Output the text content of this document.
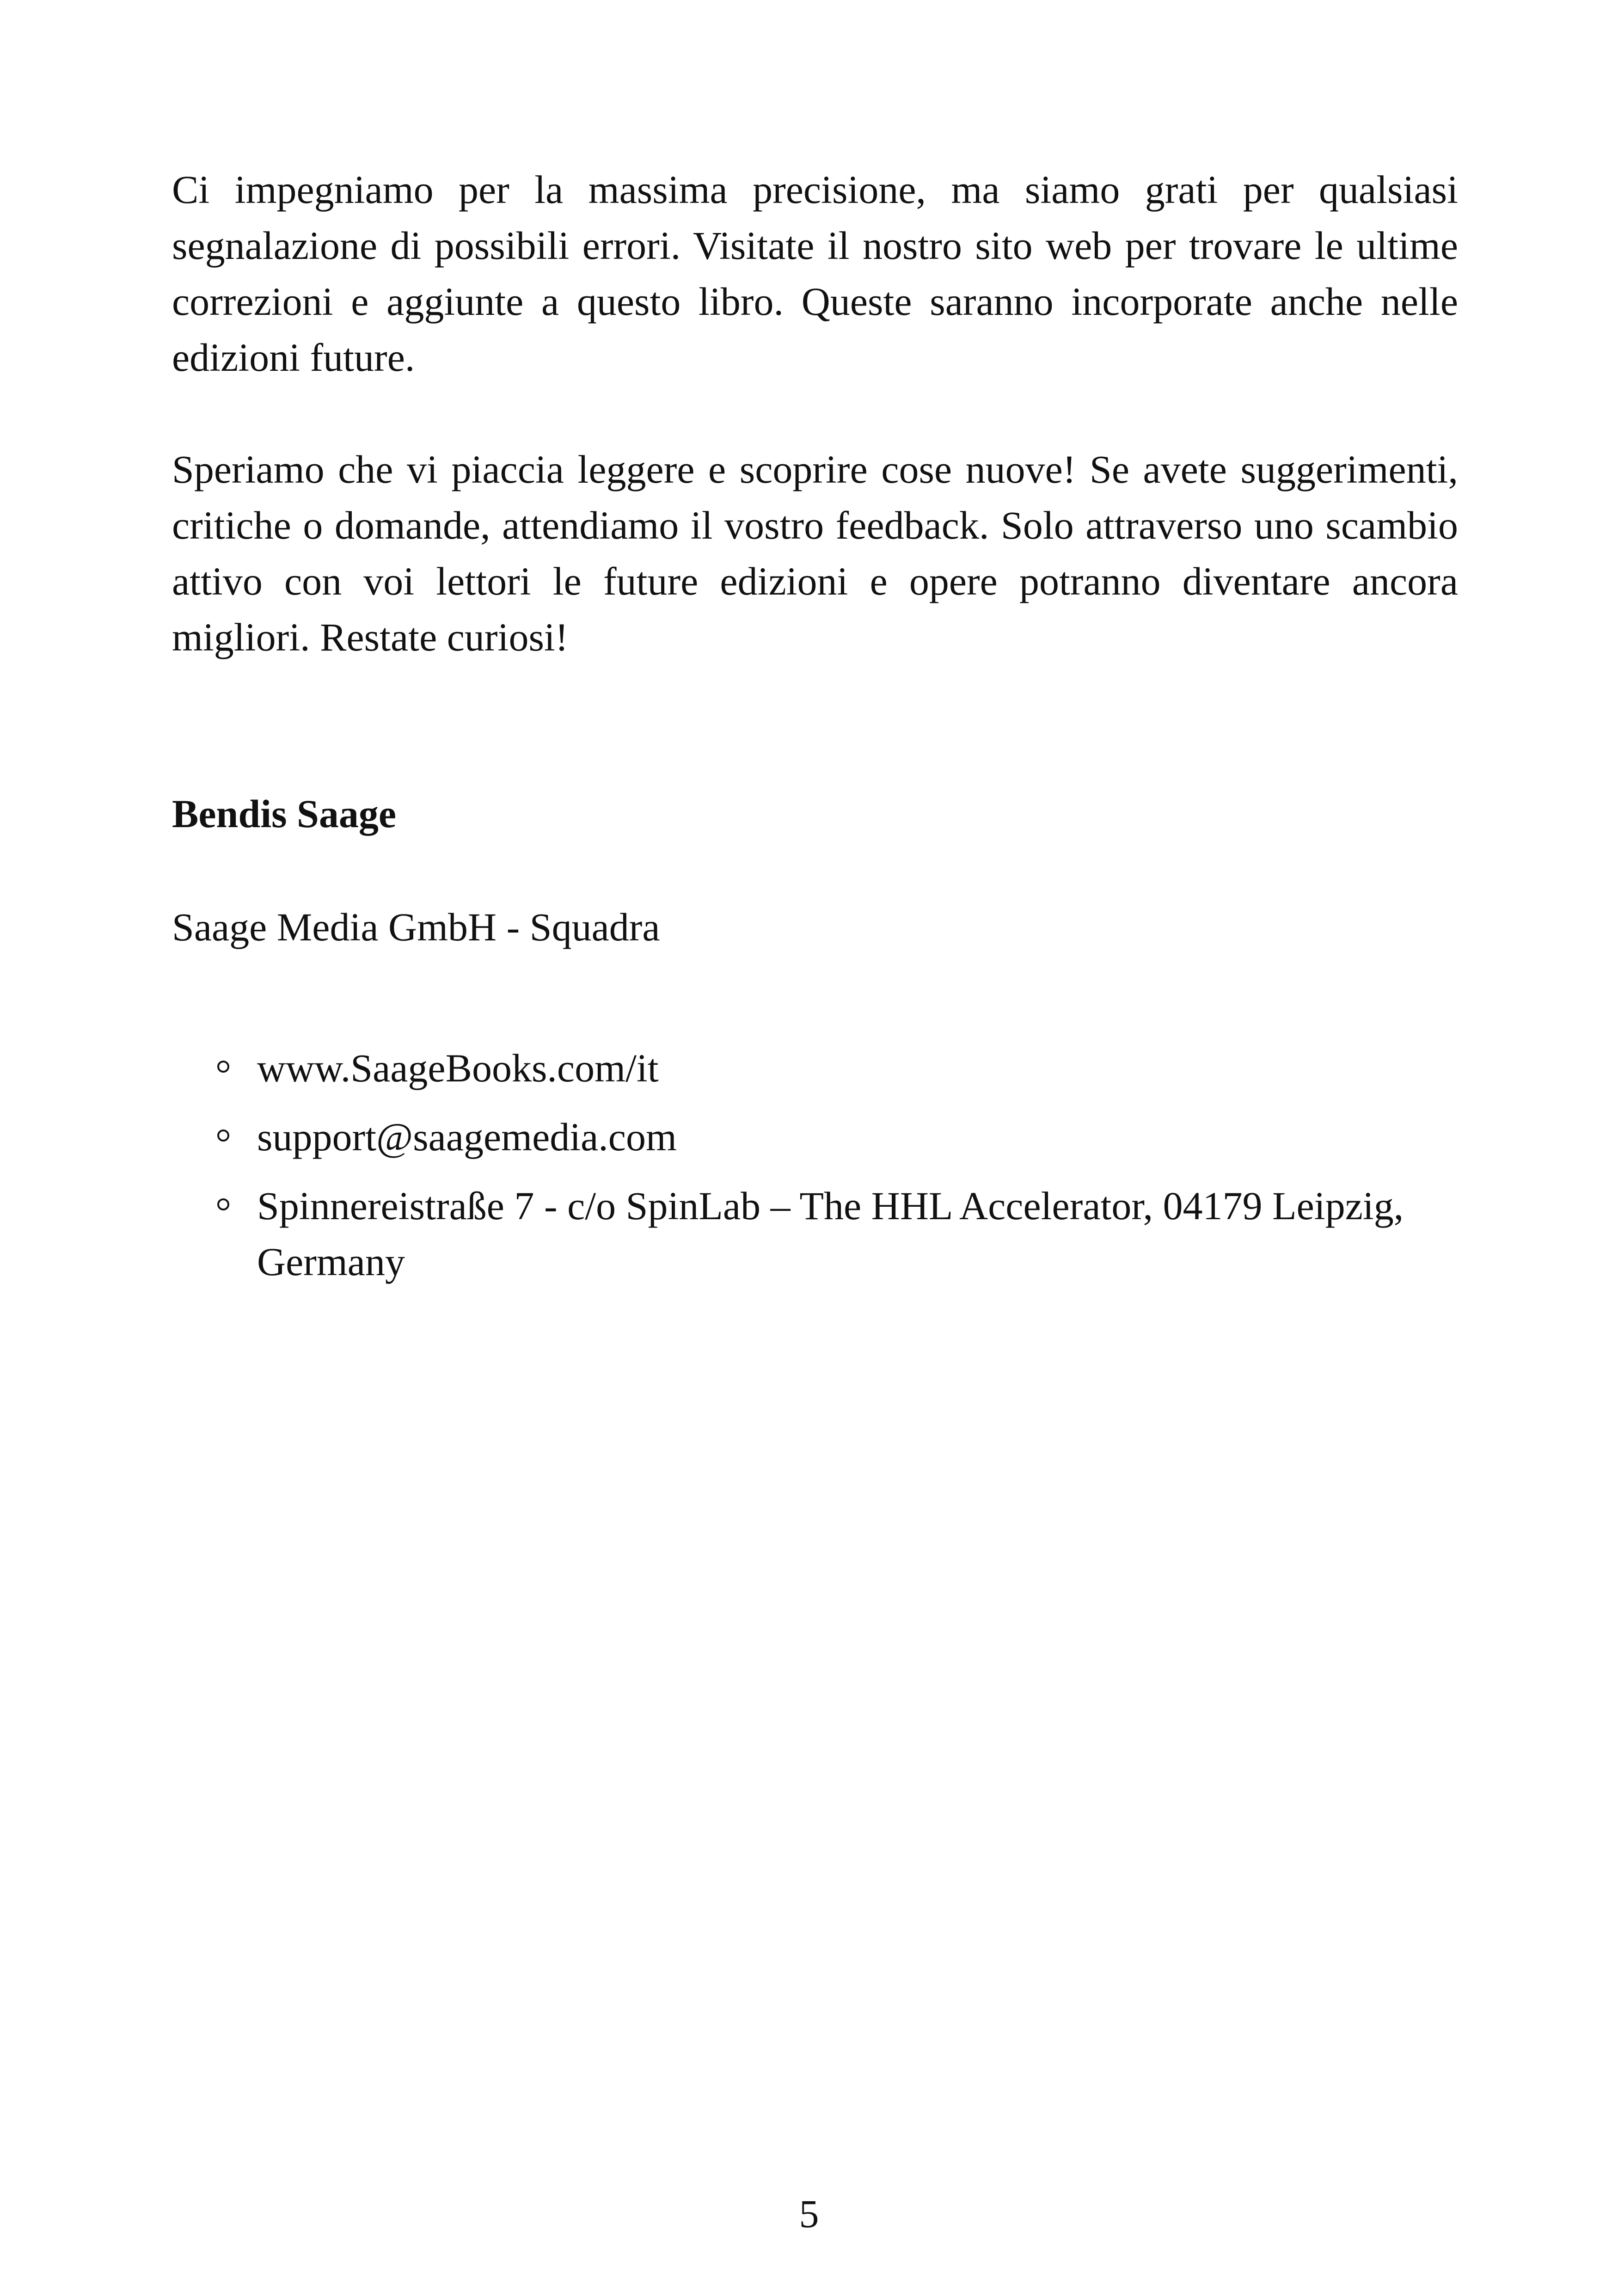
Ci impegniamo per la massima precisione, ma siamo grati per qualsiasi segnalazione di possibili errori. Visitate il nostro sito web per trovare le ultime correzioni e aggiunte a questo libro. Queste saranno incorporate anche nelle edizioni future.

Speriamo che vi piaccia leggere e scoprire cose nuove! Se avete suggerimenti, critiche o domande, attendiamo il vostro feedback. Solo attraverso uno scambio attivo con voi lettori le future edizioni e opere potranno diventare ancora migliori. Restate curiosi!

Bendis Saage

Saage Media GmbH - Squadra

www.SaageBooks.com/it
support@saagemedia.com
Spinnereistraße 7 - c/o SpinLab – The HHL Accelerator, 04179 Leipzig, Germany
5
